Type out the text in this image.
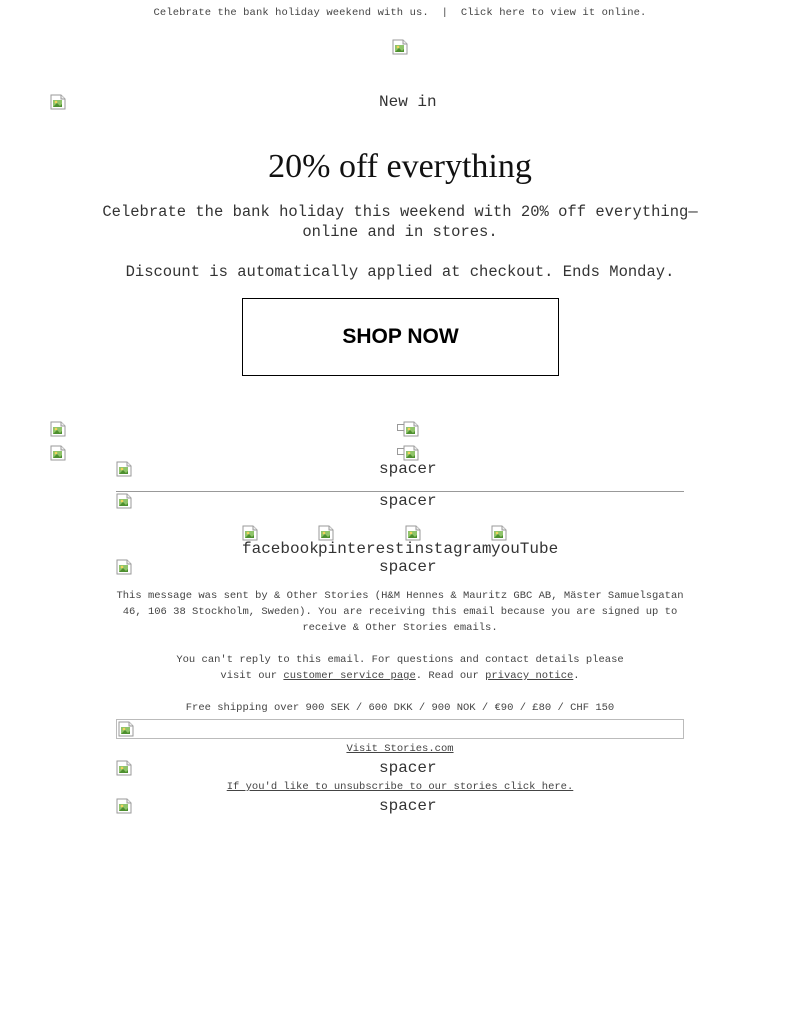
Celebrate the bank holiday weekend with us. | Click here to view it online.
New in
20% off everything
Celebrate the bank holiday this weekend with 20% off everything—online and in stores.
Discount is automatically applied at checkout. Ends Monday.
SHOP NOW
spacer
spacer
facebook pinterest instagram youTube
spacer
This message was sent by & Other Stories (H&M Hennes & Mauritz GBC AB, Mäster Samuelsgatan 46, 106 38 Stockholm, Sweden). You are receiving this email because you are signed up to receive & Other Stories emails.
You can't reply to this email. For questions and contact details please visit our customer service page. Read our privacy notice.
Free shipping over 900 SEK / 600 DKK / 900 NOK / €90 / £80 / CHF 150
Visit Stories.com
spacer
If you'd like to unsubscribe to our stories click here.
spacer
